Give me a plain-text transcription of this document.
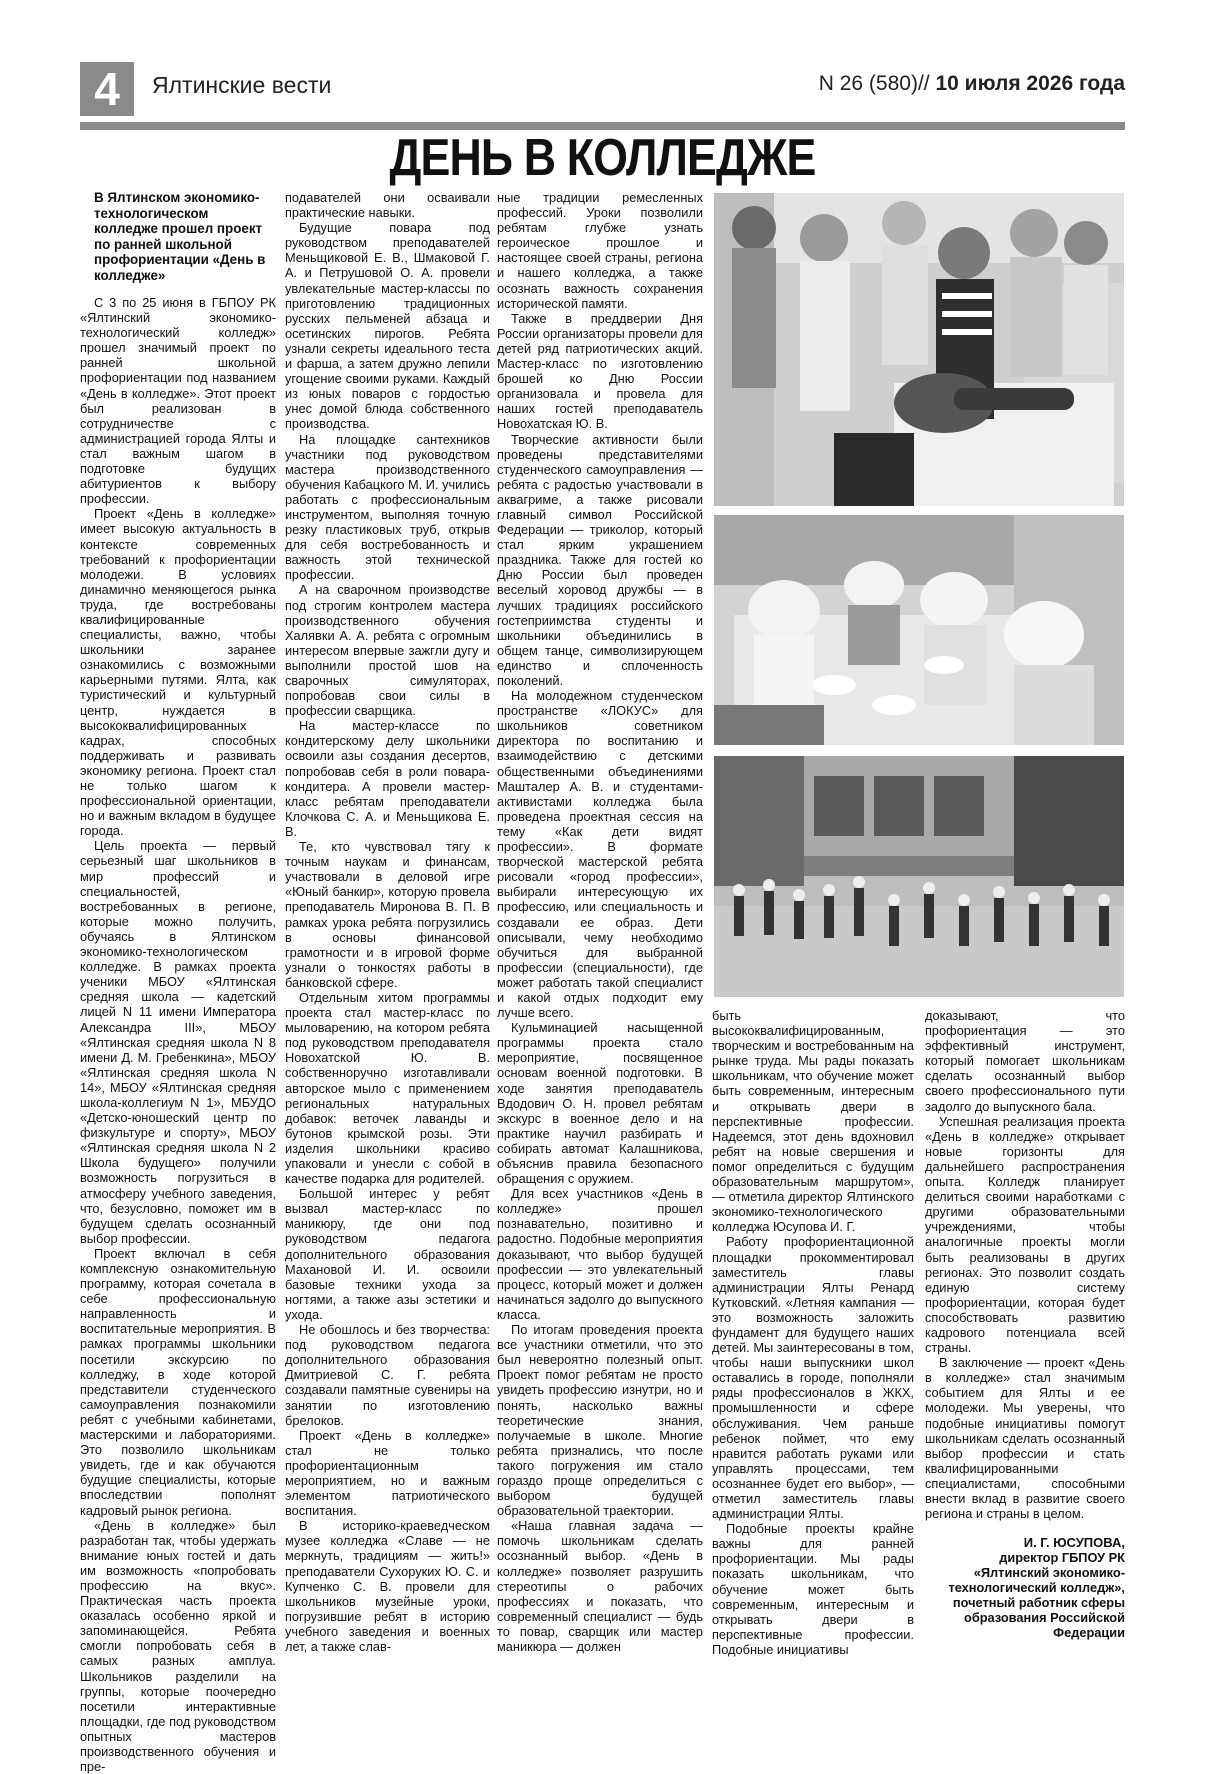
4	Ялтинские вести	N 26 (580)// 10 июля 2026 года
ДЕНЬ В КОЛЛЕДЖЕ
В Ялтинском экономико-технологическом колледже прошел проект по ранней школьной профориентации «День в колледже»

С 3 по 25 июня в ГБПОУ РК «Ялтинский экономико-технологический колледж» прошел значимый проект по ранней школьной профориентации под названием «День в колледже». Этот проект был реализован в сотрудничестве с администрацией города Ялты и стал важным шагом в подготовке будущих абитуриентов к выбору профессии.

Проект «День в колледже» имеет высокую актуальность в контексте современных требований к профориентации молодежи. В условиях динамично меняющегося рынка труда, где востребованы квалифицированные специалисты, важно, чтобы школьники заранее ознакомились с возможными карьерными путями. Ялта, как туристический и культурный центр, нуждается в высококвалифицированных кадрах, способных поддерживать и развивать экономику региона. Проект стал не только шагом к профессиональной ориентации, но и важным вкладом в будущее города.

Цель проекта — первый серьезный шаг школьников в мир профессий и специальностей, востребованных в регионе, которые можно получить, обучаясь в Ялтинском экономико-технологическом колледже. В рамках проекта ученики МБОУ «Ялтинская средняя школа — кадетский лицей N 11 имени Императора Александра III», МБОУ «Ялтинская средняя школа N 8 имени Д. М. Гребенкина», МБОУ «Ялтинская средняя школа N 14», МБОУ «Ялтинская средняя школа-коллегиум N 1», МБУДО «Детско-юношеский центр по физкультуре и спорту», МБОУ «Ялтинская средняя школа N 2 Школа будущего» получили возможность погрузиться в атмосферу учебного заведения, что, безусловно, поможет им в будущем сделать осознанный выбор профессии.

Проект включал в себя комплексную ознакомительную программу, которая сочетала в себе профессиональную направленность и воспитательные мероприятия. В рамках программы школьники посетили экскурсию по колледжу, в ходе которой представители студенческого самоуправления познакомили ребят с учебными кабинетами, мастерскими и лабораториями. Это позволило школьникам увидеть, где и как обучаются будущие специалисты, которые впоследствии пополнят кадровый рынок региона.

«День в колледже» был разработан так, чтобы удержать внимание юных гостей и дать им возможность «попробовать профессию на вкус». Практическая часть проекта оказалась особенно яркой и запоминающейся. Ребята смогли попробовать себя в самых разных амплуа. Школьников разделили на группы, которые поочередно посетили интерактивные площадки, где под руководством опытных мастеров производственного обучения и пре-

подавателей они осваивали практические навыки.

Будущие повара под руководством преподавателей Меньщиковой Е. В., Шмаковой Г. А. и Петрушовой О. А. провели увлекательные мастер-классы по приготовлению традиционных русских пельменей абзаца и осетинских пирогов. Ребята узнали секреты идеального теста и фарша, а затем дружно лепили угощение своими руками. Каждый из юных поваров с гордостью унес домой блюда собственного производства.

На площадке сантехников участники под руководством мастера производственного обучения Кабацкого М. И. учились работать с профессиональным инструментом, выполняя точную резку пластиковых труб, открыв для себя востребованность и важность этой технической профессии.

А на сварочном производстве под строгим контролем мастера производственного обучения Халявки А. А. ребята с огромным интересом впервые зажгли дугу и выполнили простой шов на сварочных симуляторах, попробовав свои силы в профессии сварщика.

На мастер-классе по кондитерскому делу школьники освоили азы создания десертов, попробовав себя в роли повара-кондитера. А провели мастер-класс ребятам преподаватели Клочкова С. А. и Меньщикова Е. В.

Те, кто чувствовал тягу к точным наукам и финансам, участвовали в деловой игре «Юный банкир», которую провела преподаватель Миронова В. П. В рамках урока ребята погрузились в основы финансовой грамотности и в игровой форме узнали о тонкостях работы в банковской сфере.

Отдельным хитом программы проекта стал мастер-класс по мыловарению, на котором ребята под руководством преподавателя Новохатской Ю. В. собственноручно изготавливали авторское мыло с применением региональных натуральных добавок: веточек лаванды и бутонов крымской розы. Эти изделия школьники красиво упаковали и унесли с собой в качестве подарка для родителей.

Большой интерес у ребят вызвал мастер-класс по маникюру, где они под руководством педагога дополнительного образования Махановой И. И. освоили базовые техники ухода за ногтями, а также азы эстетики и ухода.

Не обошлось и без творчества: под руководством педагога дополнительного образования Дмитриевой С. Г. ребята создавали памятные сувениры на занятии по изготовлению брелоков.

Проект «День в колледже» стал не только профориентационным мероприятием, но и важным элементом патриотического воспитания.

В историко-краеведческом музее колледжа «Славе — не меркнуть, традициям — жить!» преподаватели Сухоруких Ю. С. и Купченко С. В. провели для школьников музейные уроки, погрузившие ребят в историю учебного заведения и военных лет, а также слав-

ные традиции ремесленных профессий. Уроки позволили ребятам глубже узнать героическое прошлое и настоящее своей страны, региона и нашего колледжа, а также осознать важность сохранения исторической памяти.

Также в преддверии Дня России организаторы провели для детей ряд патриотических акций. Мастер-класс по изготовлению брошей ко Дню России организовала и провела для наших гостей преподаватель Новохатская Ю. В.

Творческие активности были проведены представителями студенческого самоуправления — ребята с радостью участвовали в аквагриме, а также рисовали главный символ Российской Федерации — триколор, который стал ярким украшением праздника. Также для гостей ко Дню России был проведен веселый хоровод дружбы — в лучших традициях российского гостеприимства студенты и школьники объединились в общем танце, символизирующем единство и сплоченность поколений.

На молодежном студенческом пространстве «ЛОКУС» для школьников советником директора по воспитанию и взаимодействию с детскими общественными объединениями Машталер А. В. и студентами-активистами колледжа была проведена проектная сессия на тему «Как дети видят профессии». В формате творческой мастерской ребята рисовали «город профессии», выбирали интересующую их профессию, или специальность и создавали ее образ. Дети описывали, чему необходимо обучиться для выбранной профессии (специальности), где может работать такой специалист и какой отдых подходит ему лучше всего.

Кульминацией насыщенной программы проекта стало мероприятие, посвященное основам военной подготовки. В ходе занятия преподаватель Вдодович О. Н. провел ребятам экскурс в военное дело и на практике научил разбирать и собирать автомат Калашникова, объяснив правила безопасного обращения с оружием.

Для всех участников «День в колледже» прошел познавательно, позитивно и радостно. Подобные мероприятия доказывают, что выбор будущей профессии — это увлекательный процесс, который может и должен начинаться задолго до выпускного класса.

По итогам проведения проекта все участники отметили, что это был невероятно полезный опыт. Проект помог ребятам не просто увидеть профессию изнутри, но и понять, насколько важны теоретические знания, получаемые в школе. Многие ребята признались, что после такого погружения им стало гораздо проще определиться с выбором будущей образовательной траектории.

«Наша главная задача — помочь школьникам сделать осознанный выбор. «День в колледже» позволяет разрушить стереотипы о рабочих профессиях и показать, что современный специалист — будь то повар, сварщик или мастер маникюра — должен

быть высококвалифицированным, творческим и востребованным на рынке труда. Мы рады показать школьникам, что обучение может быть современным, интересным и открывать двери в перспективные профессии. Надеемся, этот день вдохновил ребят на новые свершения и помог определиться с будущим образовательным маршрутом», — отметила директор Ялтинского экономико-технологического колледжа Юсупова И. Г.

Работу профориентационной площадки прокомментировал заместитель главы администрации Ялты Ренард Кутковский. «Летняя кампания — это возможность заложить фундамент для будущего наших детей. Мы заинтересованы в том, чтобы наши выпускники школ оставались в городе, пополняли ряды профессионалов в ЖКХ, промышленности и сфере обслуживания. Чем раньше ребенок поймет, что ему нравится работать руками или управлять процессами, тем осознаннее будет его выбор», — отметил заместитель главы администрации Ялты.

Подобные проекты крайне важны для ранней профориентации. Мы рады показать школьникам, что обучение может быть современным, интересным и открывать двери в перспективные профессии. Подобные инициативы

доказывают, что профориентация — это эффективный инструмент, который помогает школьникам сделать осознанный выбор своего профессионального пути задолго до выпускного бала.

Успешная реализация проекта «День в колледже» открывает новые горизонты для дальнейшего распространения опыта. Колледж планирует делиться своими наработками с другими образовательными учреждениями, чтобы аналогичные проекты могли быть реализованы в других регионах. Это позволит создать единую систему профориентации, которая будет способствовать развитию кадрового потенциала всей страны.

В заключение — проект «День в колледже» стал значимым событием для Ялты и ее молодежи. Мы уверены, что подобные инициативы помогут школьникам сделать осознанный выбор профессии и стать квалифицированными специалистами, способными внести вклад в развитие своего региона и страны в целом.

И. Г. ЮСУПОВА,
директор ГБПОУ РК
«Ялтинский экономико-
технологический колледж»,
почетный работник сферы
образования Российской
Федерации
